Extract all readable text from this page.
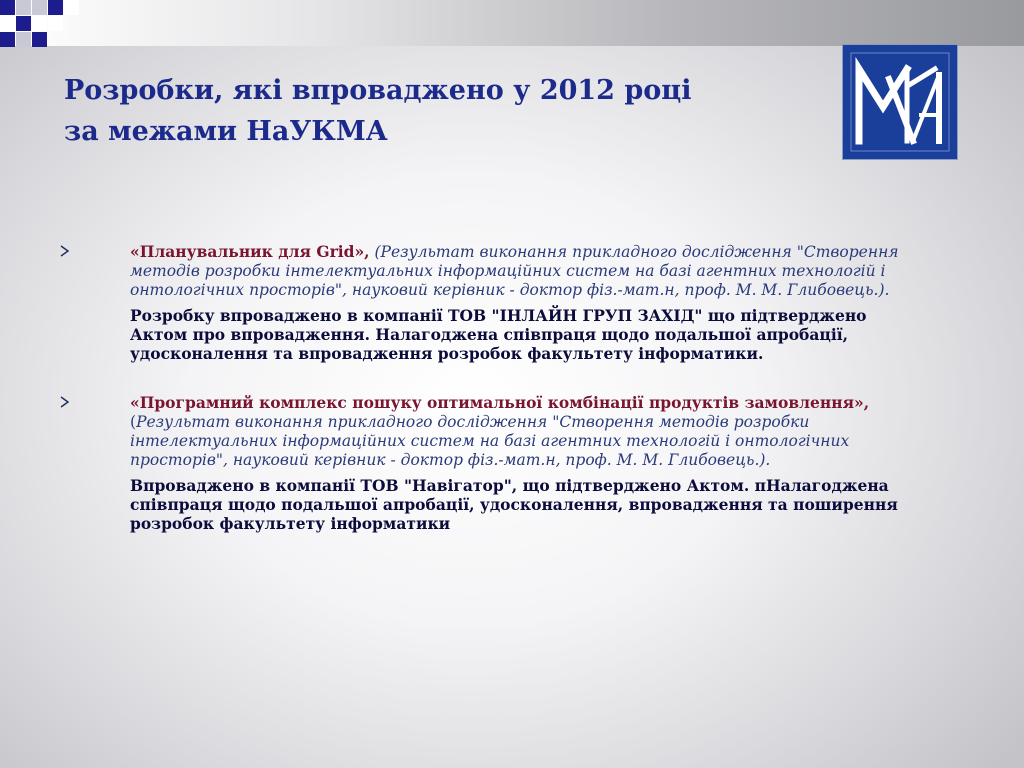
Розробки, які впроваджено у 2012 році
за межами НаУКМА

«Планувальник для Grid», (Результат виконання прикладного дослідження "Створення методів розробки інтелектуальних інформаційних систем на базі агентних технологій і онтологічних просторів", науковий керівник - доктор фіз.-мат.н, проф. М. М. Глибовець.).

Розробку впроваджено в компанії ТОВ "ІНЛАЙН ГРУП ЗАХІД" що підтверджено Актом про впровадження. Налагоджена співпраця щодо подальшої апробації, удосконалення та впровадження розробок факультету інформатики.

«Програмний комплекс пошуку оптимальної комбінації продуктів замовлення», (Результат виконання прикладного дослідження "Створення методів розробки інтелектуальних інформаційних систем на базі агентних технологій і онтологічних просторів", науковий керівник - доктор фіз.-мат.н, проф. М. М. Глибовець.).

Впроваджено в компанії ТОВ "Навігатор", що підтверджено Актом. пНалагоджена співпраця щодо подальшої апробації, удосконалення, впровадження та поширення розробок факультету інформатики
